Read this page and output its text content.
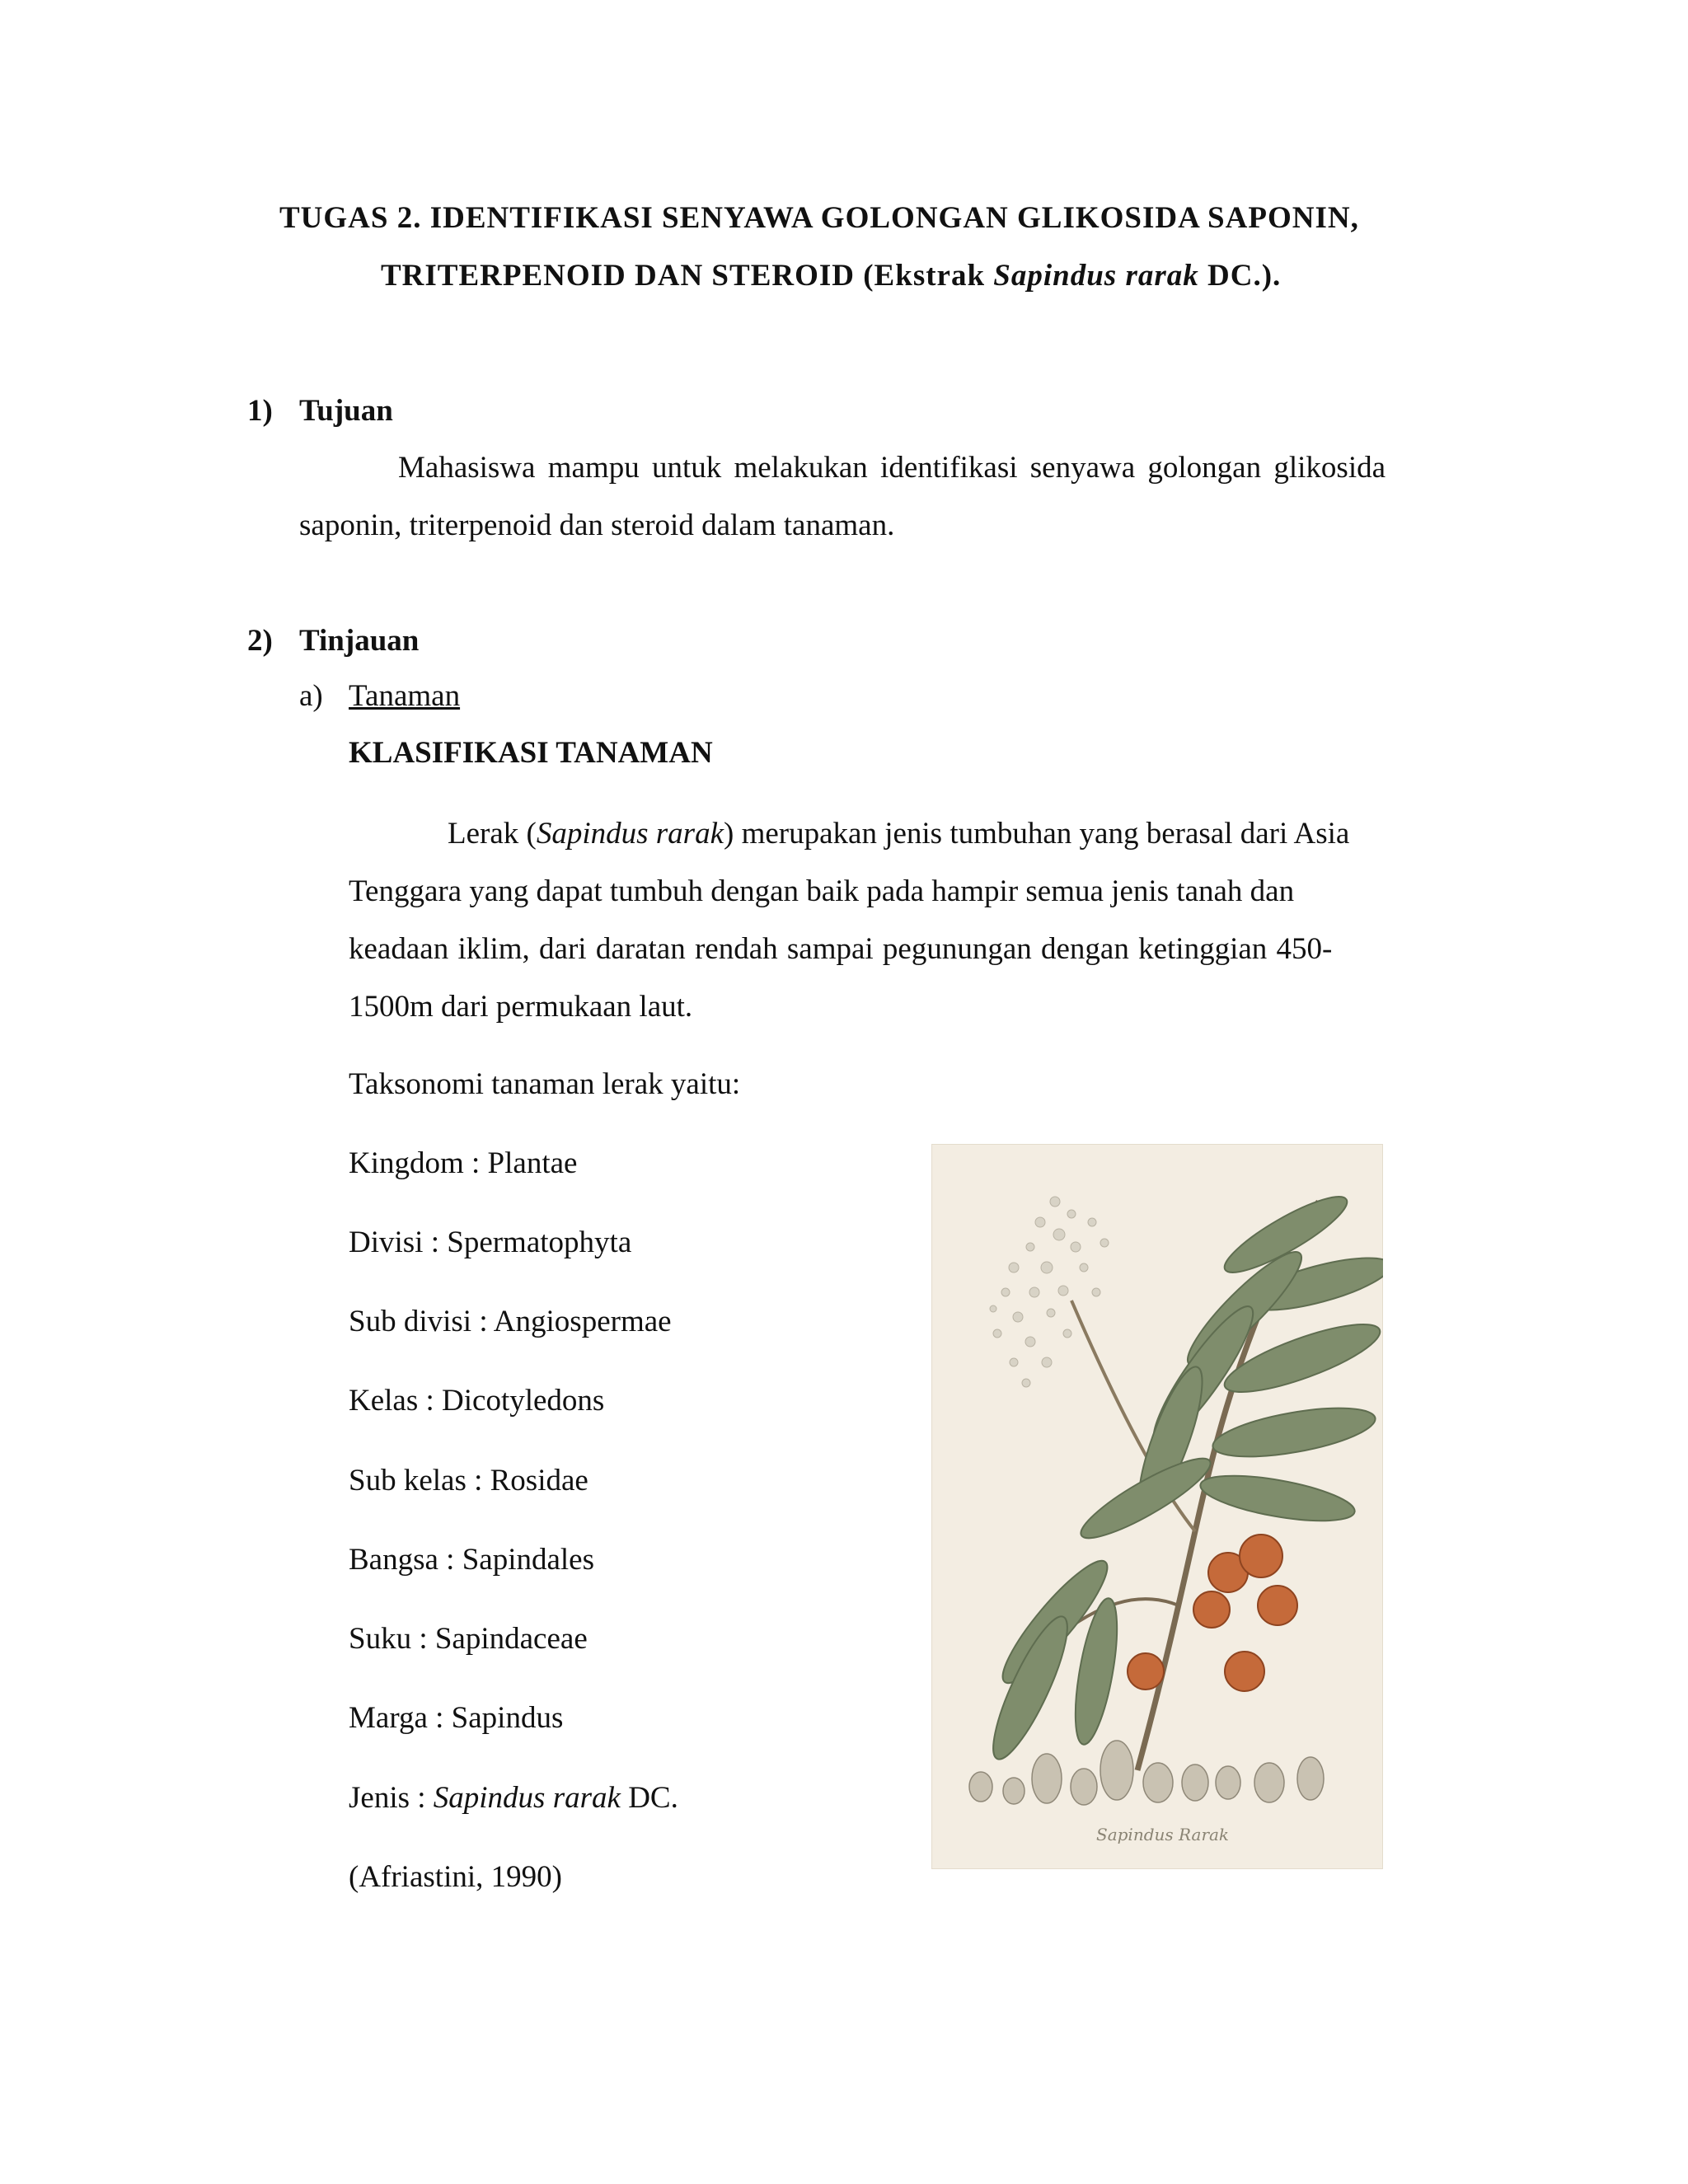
TUGAS 2. IDENTIFIKASI SENYAWA GOLONGAN GLIKOSIDA SAPONIN,
TRITERPENOID DAN STEROID (Ekstrak Sapindus rarak DC.).
1) Tujuan
Mahasiswa mampu untuk melakukan identifikasi senyawa golongan glikosida
saponin, triterpenoid dan steroid dalam tanaman.
2) Tinjauan
a) Tanaman
KLASIFIKASI TANAMAN
Lerak (Sapindus rarak) merupakan jenis tumbuhan yang berasal dari Asia
Tenggara yang dapat tumbuh dengan baik pada hampir semua jenis tanah dan
keadaan iklim, dari daratan rendah sampai pegunungan dengan ketinggian 450-
1500m dari permukaan laut.
Taksonomi tanaman lerak yaitu:
Kingdom : Plantae
Divisi : Spermatophyta
Sub divisi : Angiospermae
Kelas : Dicotyledons
Sub kelas : Rosidae
Bangsa : Sapindales
Suku : Sapindaceae
Marga : Sapindus
Jenis : Sapindus rarak DC.
(Afriastini, 1990)
Sapindus Rarak
